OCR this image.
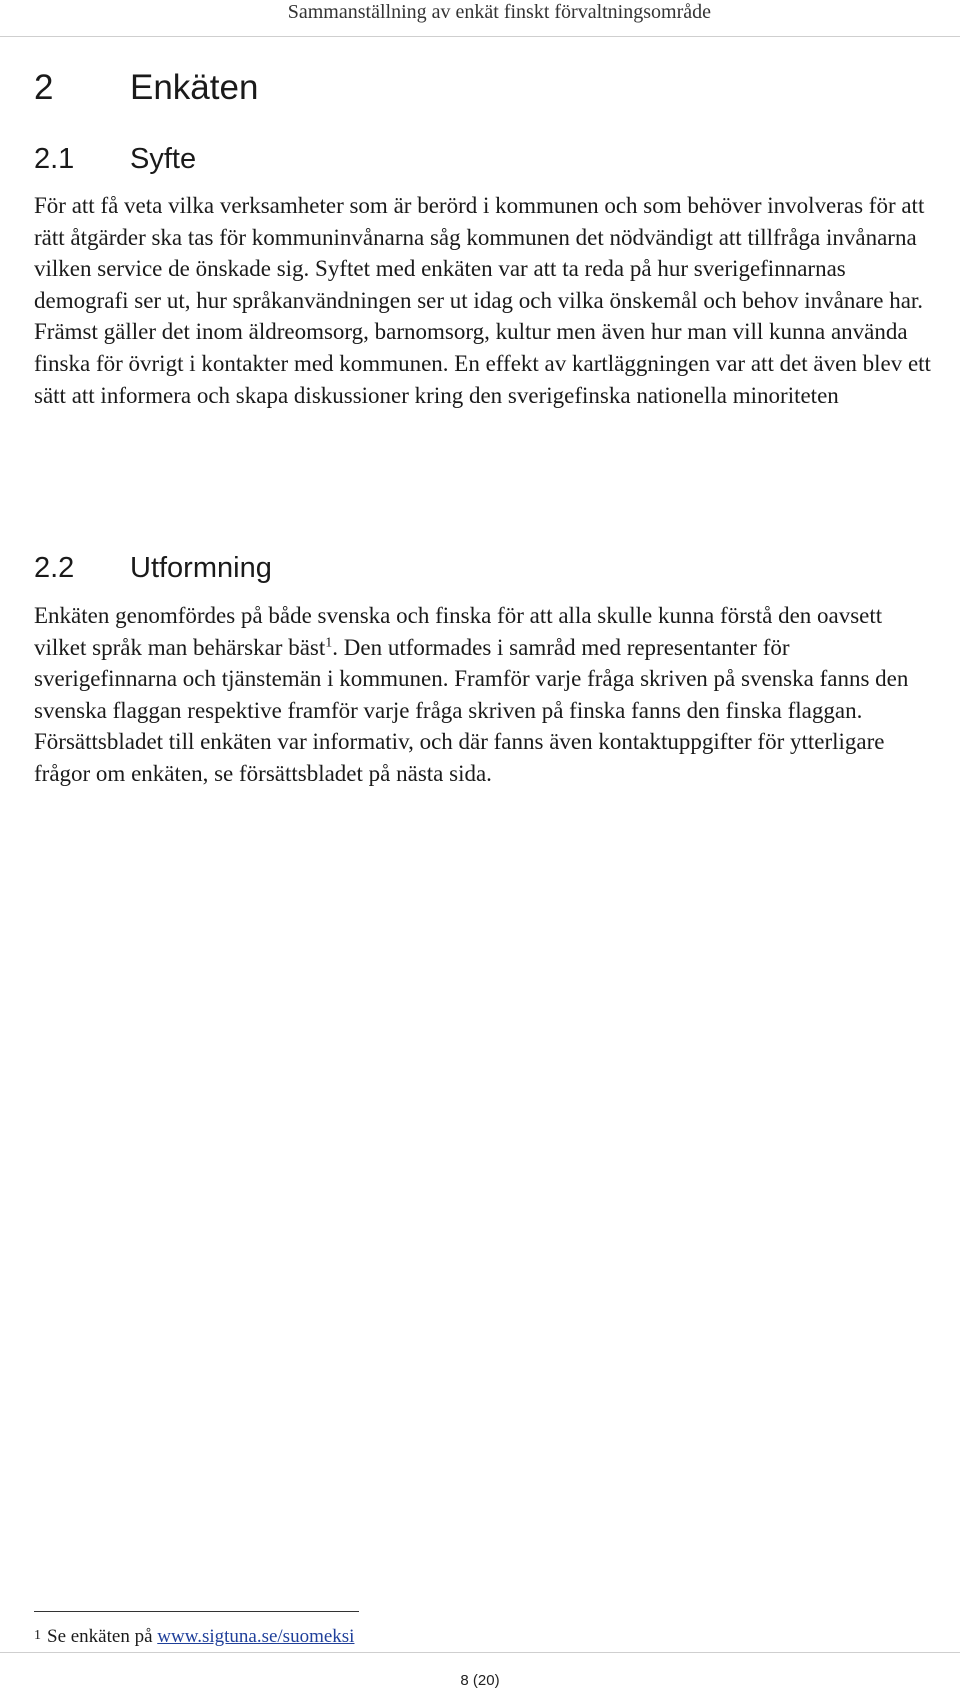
Sammanställning av enkät finskt förvaltningsområde
2 Enkäten
2.1 Syfte

För att få veta vilka verksamheter som är berörd i kommunen och som behöver involveras för att rätt åtgärder ska tas för kommuninvånarna såg kommunen det nödvändigt att tillfråga invånarna vilken service de önskade sig. Syftet med enkäten var att ta reda på hur sverigefinnarnas demografi ser ut, hur språkanvändningen ser ut idag och vilka önskemål och behov invånare har. Främst gäller det inom äldreomsorg, barnomsorg, kultur men även hur man vill kunna använda finska för övrigt i kontakter med kommunen. En effekt av kartläggningen var att det även blev ett sätt att informera och skapa diskussioner kring den sverigefinska nationella minoriteten

2.2 Utformning

Enkäten genomfördes på både svenska och finska för att alla skulle kunna förstå den oavsett vilket språk man behärskar bäst$^1$. Den utformades i samråd med representanter för sverigefinnarna och tjänstemän i kommunen. Framför varje fråga skriven på svenska fanns den svenska flaggan respektive framför varje fråga skriven på finska fanns den finska flaggan. Försättsbladet till enkäten var informativ, och där fanns även kontaktuppgifter för ytterligare frågor om enkäten, se försättsbladet på nästa sida.

1 Se enkäten på www.sigtuna.se/suomeksi
8 (20)
